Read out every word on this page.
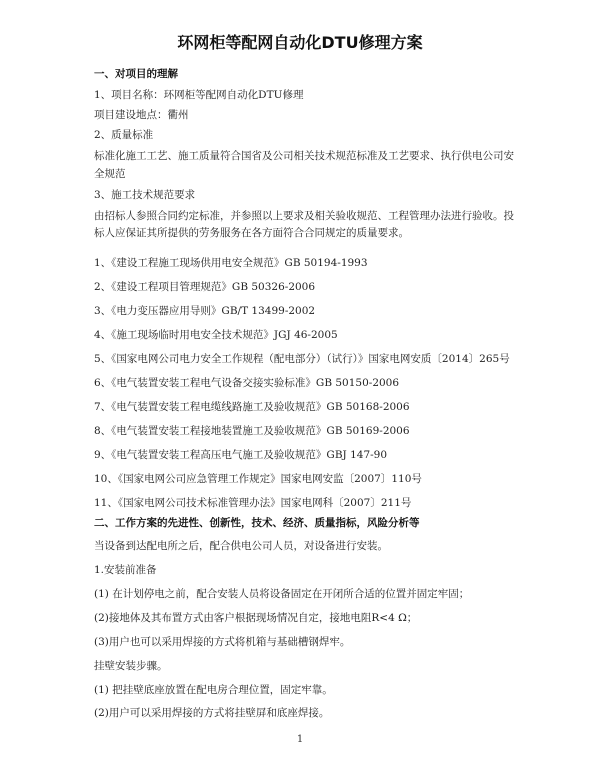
环网柜等配网自动化DTU修理方案
一、对项目的理解
1、项目名称：环网柜等配网自动化DTU修理
项目建设地点：衢州
2、质量标准
标准化施工工艺、施工质量符合国省及公司相关技术规范标准及工艺要求、执行供电公司安全规范
3、施工技术规范要求
由招标人参照合同约定标准，并参照以上要求及相关验收规范、工程管理办法进行验收。投标人应保证其所提供的劳务服务在各方面符合合同规定的质量要求。
1、《建设工程施工现场供用电安全规范》GB 50194-1993
2、《建设工程项目管理规范》GB 50326-2006
3、《电力变压器应用导则》GB/T 13499-2002
4、《施工现场临时用电安全技术规范》JGJ 46-2005
5、《国家电网公司电力安全工作规程（配电部分）（试行）》国家电网安质〔2014〕265号
6、《电气装置安装工程电气设备交接实验标准》GB 50150-2006
7、《电气装置安装工程电缆线路施工及验收规范》GB 50168-2006
8、《电气装置安装工程接地装置施工及验收规范》GB 50169-2006
9、《电气装置安装工程高压电气施工及验收规范》GBJ 147-90
10、《国家电网公司应急管理工作规定》国家电网安监〔2007〕110号
11、《国家电网公司技术标准管理办法》国家电网科〔2007〕211号
二、工作方案的先进性、创新性，技术、经济、质量指标，风险分析等
当设备到达配电所之后，配合供电公司人员，对设备进行安装。
1.安装前准备
(1) 在计划停电之前，配合安装人员将设备固定在开闭所合适的位置并固定牢固；
(2)接地体及其布置方式由客户根据现场情况自定，接地电阻R<4 Ω；
(3)用户也可以采用焊接的方式将机箱与基础槽钢焊牢。
挂壁安装步骤。
(1) 把挂壁底座放置在配电房合理位置，固定牢靠。
(2)用户可以采用焊接的方式将挂壁屏和底座焊接。
1
